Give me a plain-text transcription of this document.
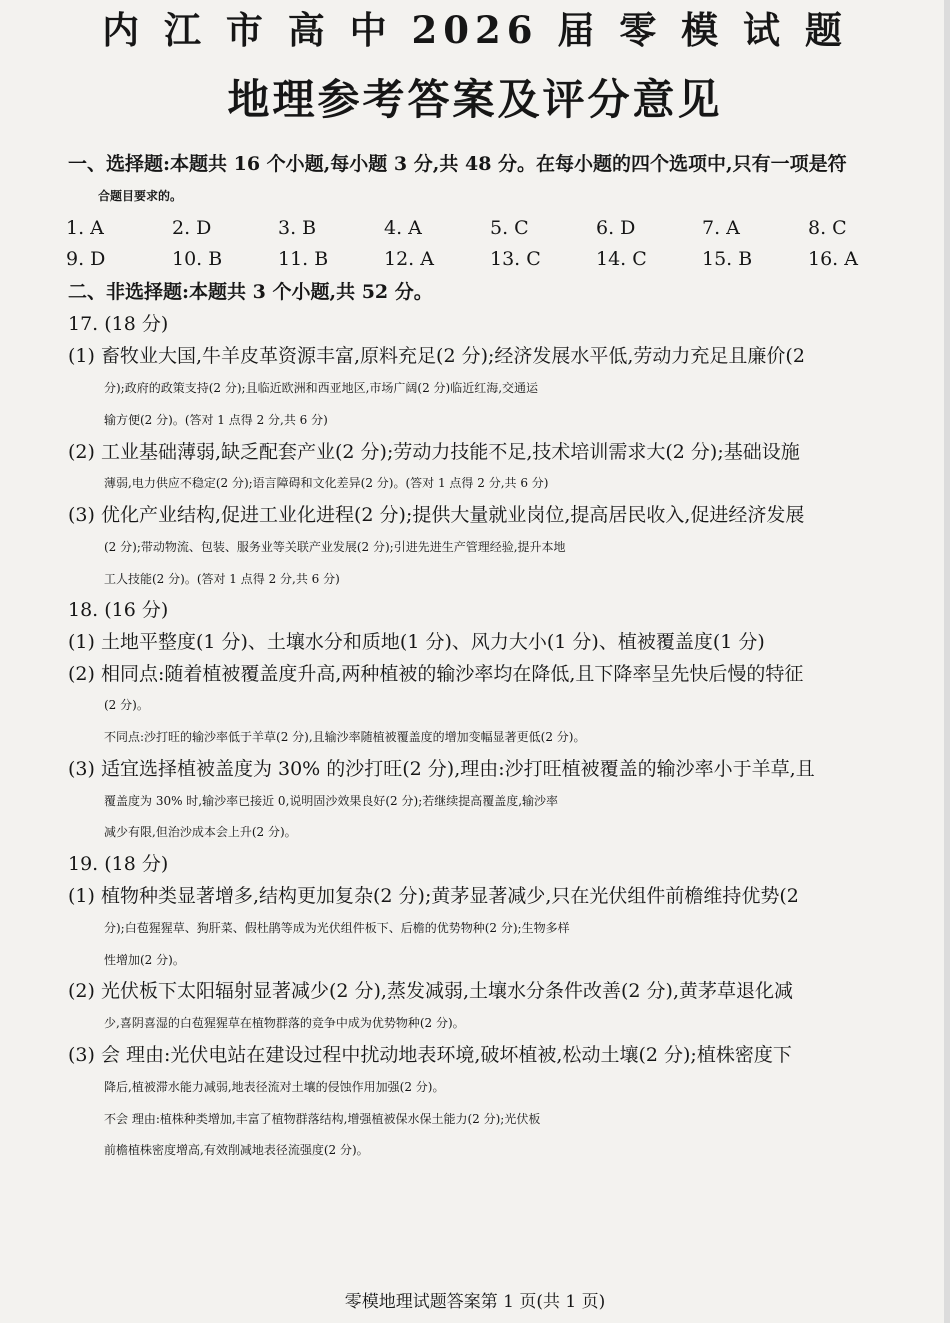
内 江 市 高 中 2026 届 零 模 试 题
地理参考答案及评分意见
一、选择题:本题共 16 个小题,每小题 3 分,共 48 分。在每小题的四个选项中,只有一项是符
合题目要求的。
1. A	2. D	3. B	4. A	5. C	6. D	7. A	8. C
9. D	10. B	11. B	12. A	13. C	14. C	15. B	16. A
二、非选择题:本题共 3 个小题,共 52 分。
17. (18 分)
(1) 畜牧业大国,牛羊皮革资源丰富,原料充足(2 分);经济发展水平低,劳动力充足且廉价(2
分);政府的政策支持(2 分);且临近欧洲和西亚地区,市场广阔(2 分)临近红海,交通运
输方便(2 分)。(答对 1 点得 2 分,共 6 分)
(2) 工业基础薄弱,缺乏配套产业(2 分);劳动力技能不足,技术培训需求大(2 分);基础设施
薄弱,电力供应不稳定(2 分);语言障碍和文化差异(2 分)。(答对 1 点得 2 分,共 6 分)
(3) 优化产业结构,促进工业化进程(2 分);提供大量就业岗位,提高居民收入,促进经济发展
(2 分);带动物流、包装、服务业等关联产业发展(2 分);引进先进生产管理经验,提升本地
工人技能(2 分)。(答对 1 点得 2 分,共 6 分)
18. (16 分)
(1) 土地平整度(1 分)、土壤水分和质地(1 分)、风力大小(1 分)、植被覆盖度(1 分)
(2) 相同点:随着植被覆盖度升高,两种植被的输沙率均在降低,且下降率呈先快后慢的特征
(2 分)。
不同点:沙打旺的输沙率低于羊草(2 分),且输沙率随植被覆盖度的增加变幅显著更低(2 分)。
(3) 适宜选择植被盖度为 30% 的沙打旺(2 分),理由:沙打旺植被覆盖的输沙率小于羊草,且
覆盖度为 30% 时,输沙率已接近 0,说明固沙效果良好(2 分);若继续提高覆盖度,输沙率
减少有限,但治沙成本会上升(2 分)。
19. (18 分)
(1) 植物种类显著增多,结构更加复杂(2 分);黄茅显著减少,只在光伏组件前檐维持优势(2
分);白苞猩猩草、狗肝菜、假杜鹃等成为光伏组件板下、后檐的优势物种(2 分);生物多样
性增加(2 分)。
(2) 光伏板下太阳辐射显著减少(2 分),蒸发减弱,土壤水分条件改善(2 分),黄茅草退化减
少,喜阴喜湿的白苞猩猩草在植物群落的竞争中成为优势物种(2 分)。
(3) 会 理由:光伏电站在建设过程中扰动地表环境,破坏植被,松动土壤(2 分);植株密度下
降后,植被滞水能力减弱,地表径流对土壤的侵蚀作用加强(2 分)。
不会 理由:植株种类增加,丰富了植物群落结构,增强植被保水保土能力(2 分);光伏板
前檐植株密度增高,有效削减地表径流强度(2 分)。
零模地理试题答案第 1 页(共 1 页)
